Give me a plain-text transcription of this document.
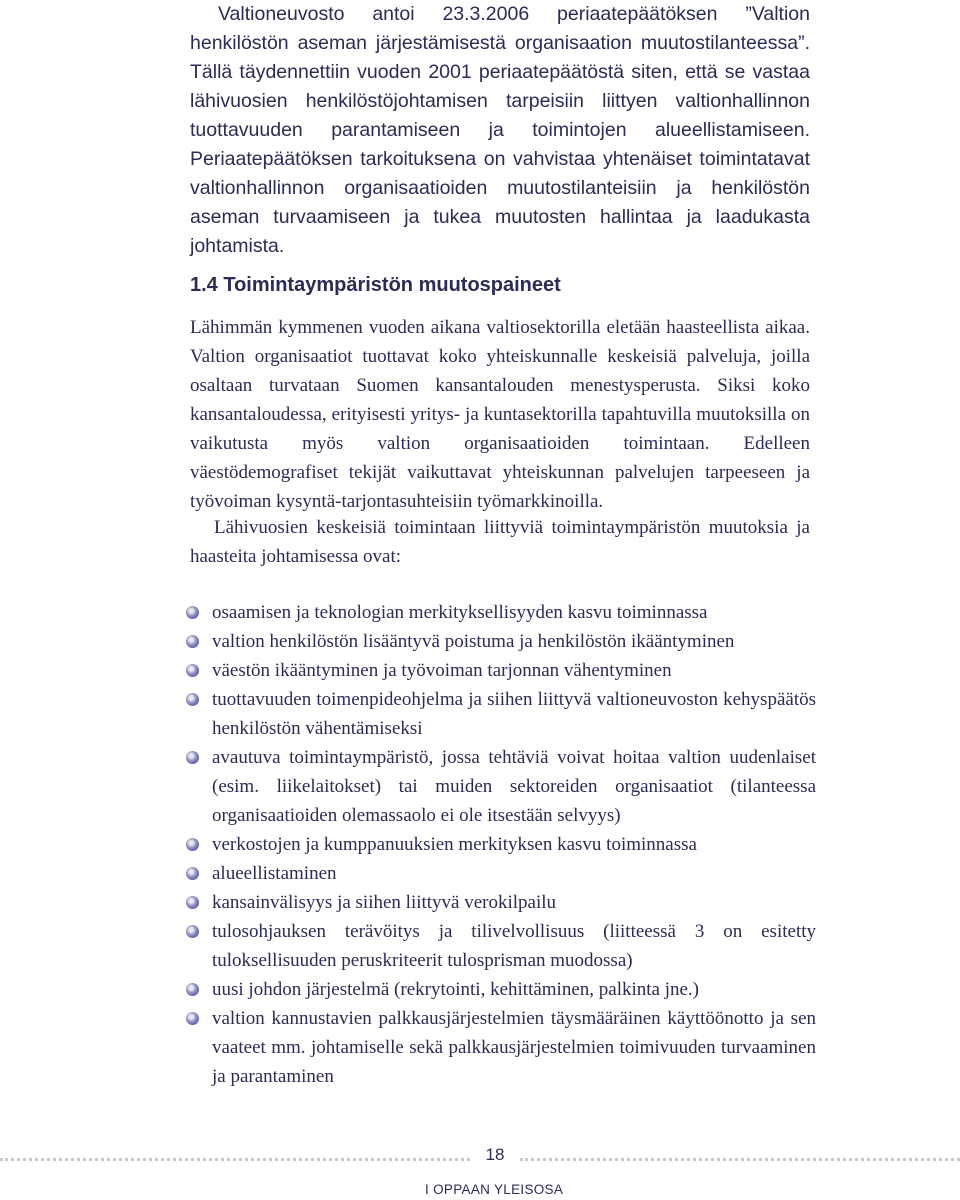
Valtioneuvosto antoi 23.3.2006 periaatepäätöksen ”Valtion henkilöstön aseman järjestämisestä organisaation muutostilanteessa”. Tällä täydennettiin vuoden 2001 periaatepäätöstä siten, että se vastaa lähivuosien henkilöstöjohtamisen tarpeisiin liittyen valtionhallinnon tuottavuuden parantamiseen ja toimintojen alueellistamiseen. Periaatepäätöksen tarkoituksena on vahvistaa yhtenäiset toimintatavat valtionhallinnon organisaatioiden muutostilanteisiin ja henkilöstön aseman turvaamiseen ja tukea muutosten hallintaa ja laadukasta johtamista.

1.4 Toimintaympäristön muutospaineet

Lähimmän kymmenen vuoden aikana valtiosektorilla eletään haasteellista aikaa. Valtion organisaatiot tuottavat koko yhteiskunnalle keskeisiä palveluja, joilla osaltaan turvataan Suomen kansantalouden menestysperusta. Siksi koko kansantaloudessa, erityisesti yritys- ja kuntasektorilla tapahtuvilla muutoksilla on vaikutusta myös valtion organisaatioiden toimintaan. Edelleen väestödemografiset tekijät vaikuttavat yhteiskunnan palvelujen tarpeeseen ja työvoiman kysyntä-tarjontasuhteisiin työmarkkinoilla.

Lähivuosien keskeisiä toimintaan liittyviä toimintaympäristön muutoksia ja haasteita johtamisessa ovat:

osaamisen ja teknologian merkityksellisyyden kasvu toiminnassa
valtion henkilöstön lisääntyvä poistuma ja henkilöstön ikääntyminen
väestön ikääntyminen ja työvoiman tarjonnan vähentyminen
tuottavuuden toimenpideohjelma ja siihen liittyvä valtioneuvoston kehyspäätös henkilöstön vähentämiseksi
avautuva toimintaympäristö, jossa tehtäviä voivat hoitaa valtion uudenlaiset (esim. liikelaitokset) tai muiden sektoreiden organisaatiot (tilanteessa organisaatioiden olemassaolo ei ole itsestään selvyys)
verkostojen ja kumppanuuksien merkityksen kasvu toiminnassa
alueellistaminen
kansainvälisyys ja siihen liittyvä verokilpailu
tulosohjauksen terävöitys ja tilivelvollisuus (liitteessä 3 on esitetty tuloksellisuuden peruskriteerit tulosprisman muodossa)
uusi johdon järjestelmä (rekrytointi, kehittäminen, palkinta jne.)
valtion kannustavien palkkausjärjestelmien täysmääräinen käyttöönotto ja sen vaateet mm. johtamiselle sekä palkkausjärjestelmien toimivuuden turvaaminen ja parantaminen
18
I OPPAAN YLEISOSA
